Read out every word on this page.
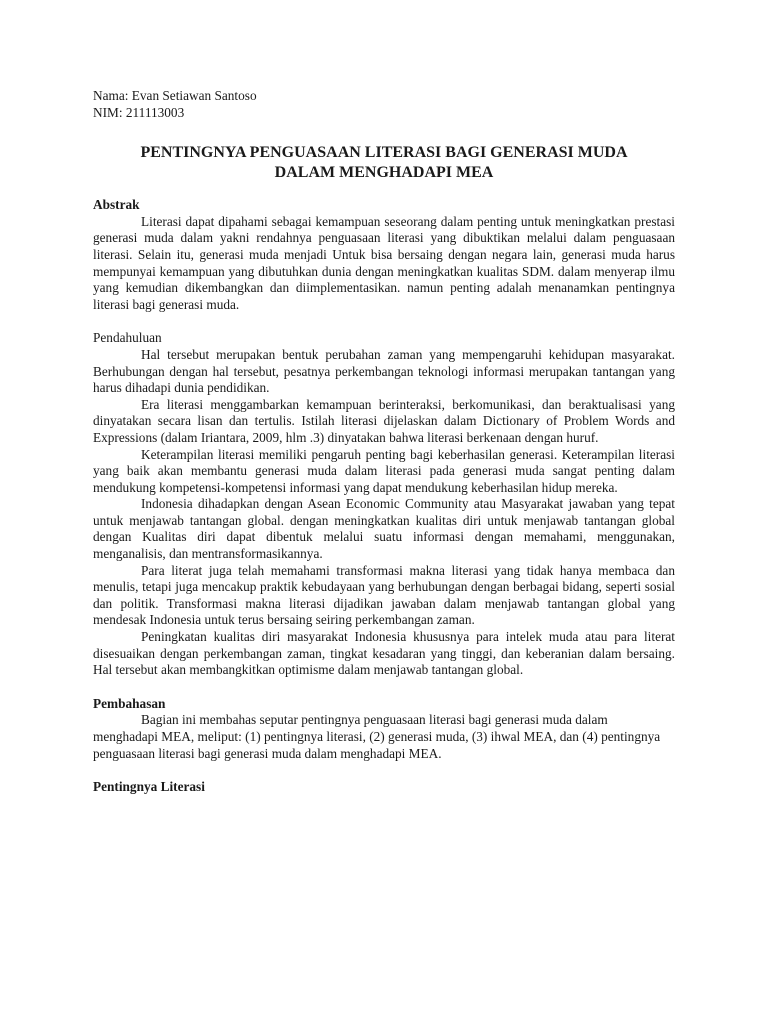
Nama: Evan Setiawan Santoso

NIM: 211113003

PENTINGNYA PENGUASAAN LITERASI BAGI GENERASI MUDA
DALAM MENGHADAPI MEA

Abstrak

Literasi dapat dipahami sebagai kemampuan seseorang dalam penting untuk meningkatkan prestasi generasi muda dalam yakni rendahnya penguasaan literasi yang dibuktikan melalui dalam penguasaan literasi. Selain itu, generasi muda menjadi Untuk bisa bersaing dengan negara lain, generasi muda harus mempunyai kemampuan yang dibutuhkan dunia dengan meningkatkan kualitas SDM. dalam menyerap ilmu yang kemudian dikembangkan dan diimplementasikan. namun penting adalah menanamkan pentingnya literasi bagi generasi muda.

Pendahuluan

Hal tersebut merupakan bentuk perubahan zaman yang mempengaruhi kehidupan masyarakat. Berhubungan dengan hal tersebut, pesatnya perkembangan teknologi informasi merupakan tantangan yang harus dihadapi dunia pendidikan.

Era literasi menggambarkan kemampuan berinteraksi, berkomunikasi, dan beraktualisasi yang dinyatakan secara lisan dan tertulis. Istilah literasi dijelaskan dalam Dictionary of Problem Words and Expressions (dalam Iriantara, 2009, hlm .3) dinyatakan bahwa literasi berkenaan dengan huruf.

Keterampilan literasi memiliki pengaruh penting bagi keberhasilan generasi. Keterampilan literasi yang baik akan membantu generasi muda dalam literasi pada generasi muda sangat penting dalam mendukung kompetensi-kompetensi informasi yang dapat mendukung keberhasilan hidup mereka.

Indonesia dihadapkan dengan Asean Economic Community atau Masyarakat jawaban yang tepat untuk menjawab tantangan global. dengan meningkatkan kualitas diri untuk menjawab tantangan global dengan Kualitas diri dapat dibentuk melalui suatu informasi dengan memahami, menggunakan, menganalisis, dan mentransformasikannya.

Para literat juga telah memahami transformasi makna literasi yang tidak hanya membaca dan menulis, tetapi juga mencakup praktik kebudayaan yang berhubungan dengan berbagai bidang, seperti sosial dan politik. Transformasi makna literasi dijadikan jawaban dalam menjawab tantangan global yang mendesak Indonesia untuk terus bersaing seiring perkembangan zaman.

Peningkatan kualitas diri masyarakat Indonesia khususnya para intelek muda atau para literat disesuaikan dengan perkembangan zaman, tingkat kesadaran yang tinggi, dan keberanian dalam bersaing. Hal tersebut akan membangkitkan optimisme dalam menjawab tantangan global.

Pembahasan

Bagian ini membahas seputar pentingnya penguasaan literasi bagi generasi muda dalam menghadapi MEA, meliput: (1) pentingnya literasi, (2) generasi muda, (3) ihwal MEA, dan (4) pentingnya penguasaan literasi bagi generasi muda dalam menghadapi MEA.

Pentingnya Literasi
